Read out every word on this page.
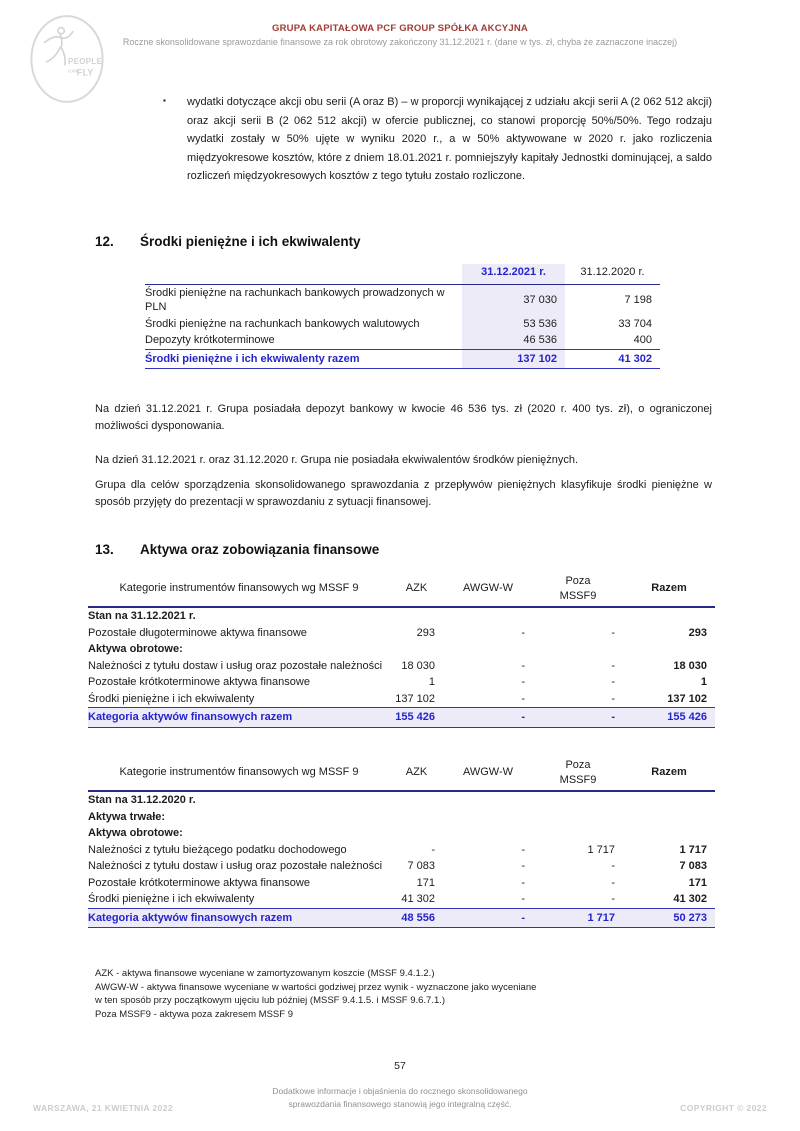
PEOPLE
CAN FLY
GRUPA KAPITAŁOWA PCF GROUP SPÓŁKA AKCYJNA
Roczne skonsolidowane sprawozdanie finansowe za rok obrotowy zakończony 31.12.2021 r. (dane w tys. zł, chyba że zaznaczone inaczej)
▪	wydatki dotyczące akcji obu serii (A oraz B) – w proporcji wynikającej z udziału akcji serii A (2 062 512 akcji) oraz akcji serii B (2 062 512 akcji) w ofercie publicznej, co stanowi proporcję 50%/50%. Tego rodzaju wydatki zostały w 50% ujęte w wyniku 2020 r., a w 50% aktywowane w 2020 r. jako rozliczenia międzyokresowe kosztów, które z dniem 18.01.2021 r. pomniejszyły kapitały Jednostki dominującej, a saldo rozliczeń międzyokresowych kosztów z tego tytułu zostało rozliczone.
12.	Środki pieniężne i ich ekwiwalenty
	31.12.2021 r.	31.12.2020 r.
Środki pieniężne na rachunkach bankowych prowadzonych w PLN	37 030	7 198
Środki pieniężne na rachunkach bankowych walutowych	53 536	33 704
Depozyty krótkoterminowe	46 536	400
Środki pieniężne i ich ekwiwalenty razem	137 102	41 302
Na dzień 31.12.2021 r. Grupa posiadała depozyt bankowy w kwocie 46 536 tys. zł (2020 r. 400 tys. zł), o ograniczonej możliwości dysponowania.
Na dzień 31.12.2021 r. oraz 31.12.2020 r. Grupa nie posiadała ekwiwalentów środków pieniężnych.
Grupa dla celów sporządzenia skonsolidowanego sprawozdania z przepływów pieniężnych klasyfikuje środki pieniężne w sposób przyjęty do prezentacji w sprawozdaniu z sytuacji finansowej.
13.	Aktywa oraz zobowiązania finansowe
Kategorie instrumentów finansowych wg MSSF 9	AZK	AWGW-W	Poza MSSF9	Razem
Stan na 31.12.2021 r.				
Pozostałe długoterminowe aktywa finansowe	293	-	-	293
Aktywa obrotowe:				
Należności z tytułu dostaw i usług oraz pozostałe należności	18 030	-	-	18 030
Pozostałe krótkoterminowe aktywa finansowe	1	-	-	1
Środki pieniężne i ich ekwiwalenty	137 102	-	-	137 102
Kategoria aktywów finansowych razem	155 426	-	-	155 426
Kategorie instrumentów finansowych wg MSSF 9	AZK	AWGW-W	Poza MSSF9	Razem
Stan na 31.12.2020 r.				
Aktywa trwałe:				
Aktywa obrotowe:				
Należności z tytułu bieżącego podatku dochodowego	-	-	1 717	1 717
Należności z tytułu dostaw i usług oraz pozostałe należności	7 083	-	-	7 083
Pozostałe krótkoterminowe aktywa finansowe	171	-	-	171
Środki pieniężne i ich ekwiwalenty	41 302	-	-	41 302
Kategoria aktywów finansowych razem	48 556	-	1 717	50 273
AZK - aktywa finansowe wyceniane w zamortyzowanym koszcie (MSSF 9.4.1.2.)
AWGW-W - aktywa finansowe wyceniane w wartości godziwej przez wynik - wyznaczone jako wyceniane
w ten sposób przy początkowym ujęciu lub później (MSSF 9.4.1.5. i MSSF 9.6.7.1.)
Poza MSSF9 - aktywa poza zakresem MSSF 9
57
Dodatkowe informacje i objaśnienia do rocznego skonsolidowanego
sprawozdania finansowego stanowią jego integralną część.
WARSZAWA, 21 KWIETNIA 2022	COPYRIGHT © 2022
